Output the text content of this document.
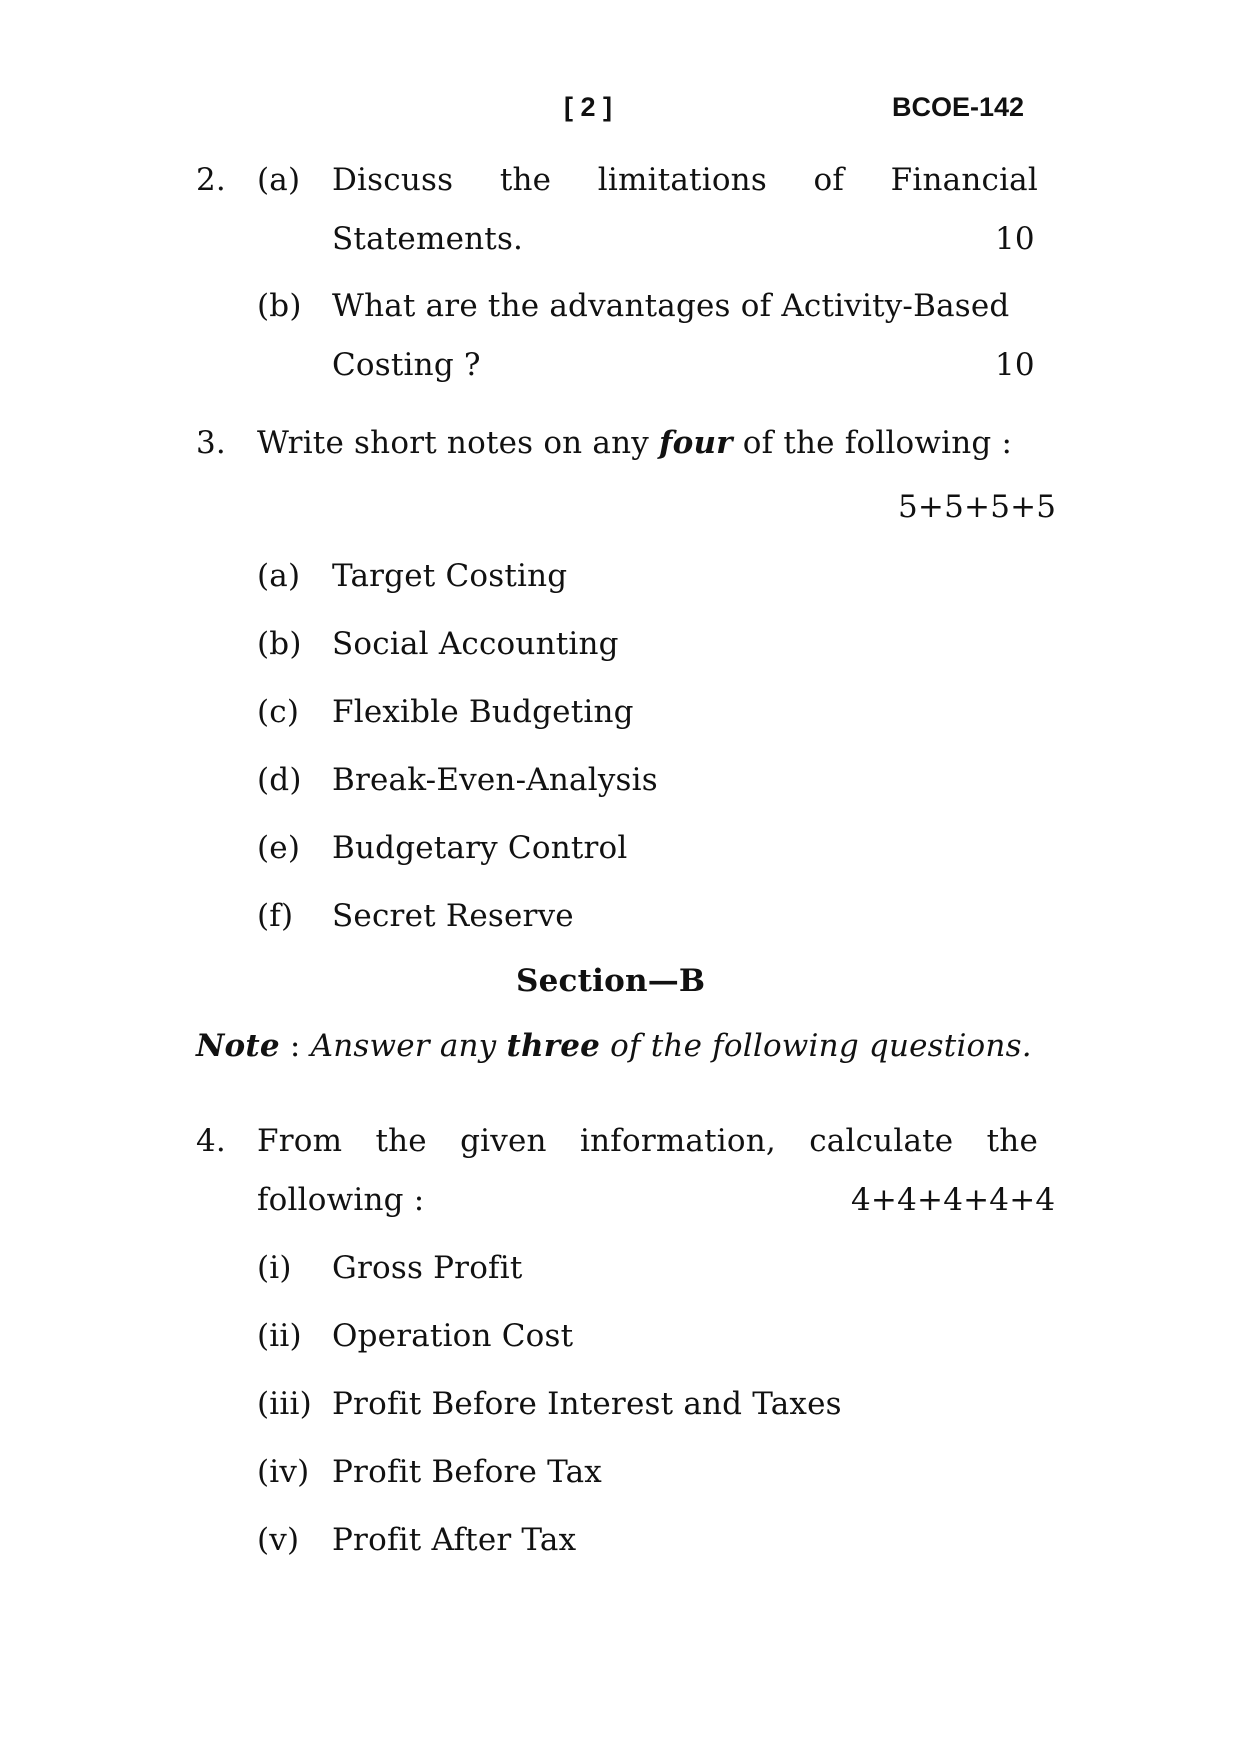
[ 2 ]	BCOE-142
2. (a) Discuss the limitations of Financial
Statements.	10
(b) What are the advantages of Activity-Based
Costing ?	10
3. Write short notes on any four of the following :
5+5+5+5
(a) Target Costing
(b) Social Accounting
(c) Flexible Budgeting
(d) Break-Even-Analysis
(e) Budgetary Control
(f) Secret Reserve
Section—B
Note : Answer any three of the following questions.
4. From the given information, calculate the
following :	4+4+4+4+4
(i) Gross Profit
(ii) Operation Cost
(iii) Profit Before Interest and Taxes
(iv) Profit Before Tax
(v) Profit After Tax
